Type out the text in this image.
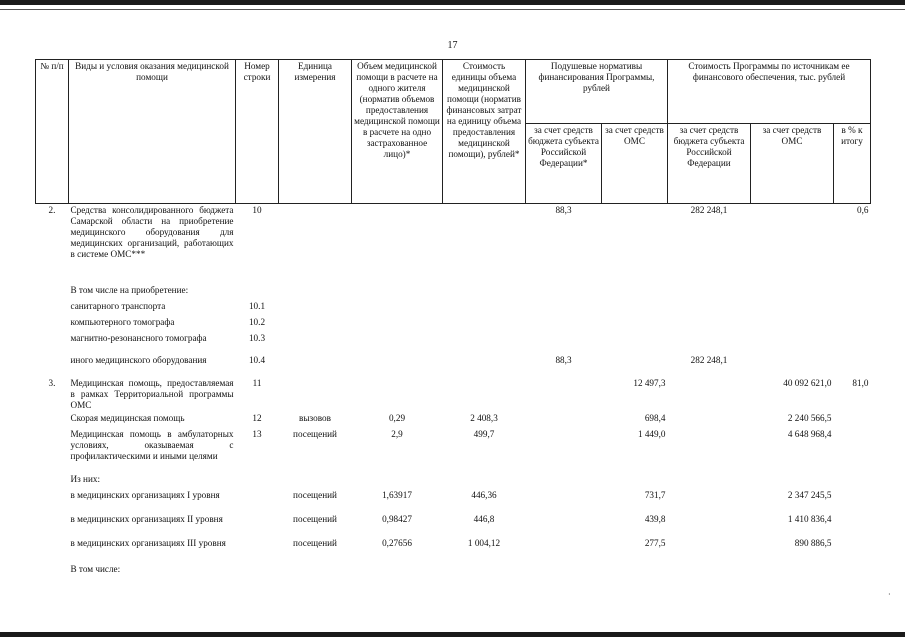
17
№ п/п	Виды и условия оказания медицинской помощи	Номер строки	Единица измерения	Объем медицинской помощи в расчете на одного жителя (норматив объемов предоставления медицинской помощи в расчете на одно застрахованное лицо)*	Стоимость единицы объема медицинской помощи (норматив финансовых затрат на единицу объема предоставления медицинской помощи), рублей*	Подушевые нормативы финансирования Программы, рублей		Стоимость Программы по источникам ее финансового обеспечения, тыс. рублей		
						за счет средств бюджета субъекта Российской Федерации*	за счет средств ОМС	за счет средств бюджета субъекта Российской Федерации	за счет средств ОМС	в % к итогу
2.	Средства консолидированного бюджета Самарской области на приобретение медицинского оборудования для медицинских организаций, работающих в системе ОМС***	10				88,3		282 248,1		0,6
	В том числе на приобретение:									
	санитарного транспорта	10.1								
	компьютерного томографа	10.2								
	магнитно-резонансного томографа	10.3								
	иного медицинского оборудования	10.4				88,3		282 248,1		
3.	Медицинская помощь, предоставляемая в рамках Территориальной программы ОМС	11					12 497,3		40 092 621,0	81,0
	Скорая медицинская помощь	12	вызовов	0,29	2 408,3		698,4		2 240 566,5	
	Медицинская помощь в амбулаторных условиях, оказываемая с профилактическими и иными целями	13	посещений	2,9	499,7		1 449,0		4 648 968,4	
	Из них:									
	в медицинских организациях I уровня		посещений	1,63917	446,36		731,7		2 347 245,5	
	в медицинских организациях II уровня		посещений	0,98427	446,8		439,8		1 410 836,4	
	в медицинских организациях III уровня		посещений	0,27656	1 004,12		277,5		890 886,5	
	В том числе:									
·
